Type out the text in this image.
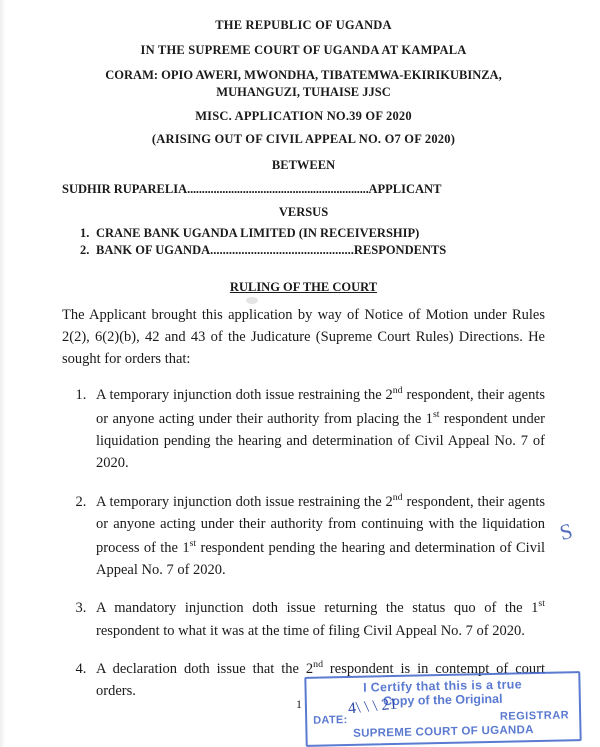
THE REPUBLIC OF UGANDA
IN THE SUPREME COURT OF UGANDA AT KAMPALA
CORAM: OPIO AWERI, MWONDHA, TIBATEMWA-EKIRIKUBINZA, MUHANGUZI, TUHAISE JJSC
MISC. APPLICATION NO.39 OF 2020
(ARISING OUT OF CIVIL APPEAL NO. O7 OF 2020)
BETWEEN
SUDHIR RUPARELIA..............................................................APPLICANT
VERSUS
1. CRANE BANK UGANDA LIMITED (IN RECEIVERSHIP)
2. BANK OF UGANDA..............................................RESPONDENTS
RULING OF THE COURT

The Applicant brought this application by way of Notice of Motion under Rules 2(2), 6(2)(b), 42 and 43 of the Judicature (Supreme Court Rules) Directions. He sought for orders that:

1. A temporary injunction doth issue restraining the 2nd respondent, their agents or anyone acting under their authority from placing the 1st respondent under liquidation pending the hearing and determination of Civil Appeal No. 7 of 2020.
2. A temporary injunction doth issue restraining the 2nd respondent, their agents or anyone acting under their authority from continuing with the liquidation process of the 1st respondent pending the hearing and determination of Civil Appeal No. 7 of 2020.
3. A mandatory injunction doth issue returning the status quo of the 1st respondent to what it was at the time of filing Civil Appeal No. 7 of 2020.
4. A declaration doth issue that the 2nd respondent is in contempt of court orders.
S
1
I Certify that this is a true
Copy of the Original
DATE:	REGISTRAR
SUPREME COURT OF UGANDA
4\ \ \ 21
